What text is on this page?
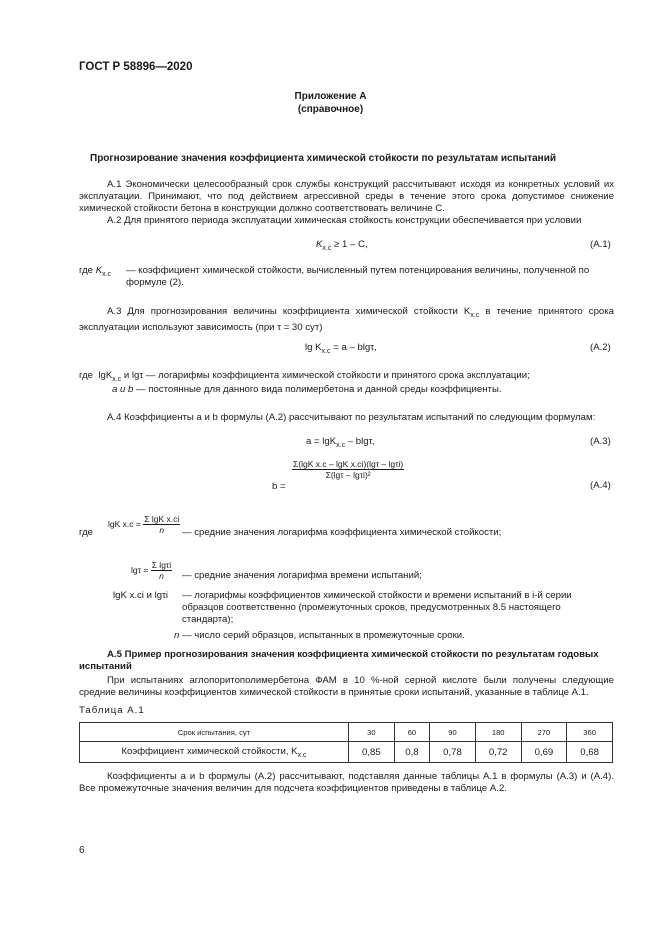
ГОСТ Р 58896—2020
Приложение А
(справочное)
Прогнозирование значения коэффициента химической стойкости по результатам испытаний
А.1 Экономически целесообразный срок службы конструкций рассчитывают исходя из конкретных условий их эксплуатации. Принимают, что под действием агрессивной среды в течение этого срока допустимое снижение химической стойкости бетона в конструкции должно соответствовать величине С.
А.2 Для принятого периода эксплуатации химическая стойкость конструкции обеспечивается при условии
$K_{х.с} \ge 1 - C$,	(А.1)
где $K_{х.с}$ — коэффициент химической стойкости, вычисленный путем потенцирования величины, полученной по формуле (2).
А.3 Для прогнозирования величины коэффициента химической стойкости $K_{х.с}$ в течение принятого срока эксплуатации используют зависимость (при τ = 30 сут)
$\lg K_{х.с} = a - blg\tau$,	(А.2)
где lgK$_{х.с}$ и lgτ — логарифмы коэффициента химической стойкости и принятого срока эксплуатации;
a и b — постоянные для данного вида полимербетона и данной среды коэффициенты.
А.4 Коэффициенты a и b формулы (А.2) рассчитывают по результатам испытаний по следующим формулам:
a = lgK$_{х.с}$ – blgτ,	(А.3)
b =
$\frac{\text{Σ(lgK х.с – lgK х.сi)(lgτ – lgτi)}}{\text{Σ(lgτ – lgτi)²}}$
(А.4)
где
lgK $х.с = \frac{\text{Σ lgK х.сi}}{n}$ — средние значения логарифма коэффициента химической стойкости;
$\lg\tau = \frac{\text{Σ lgτi}}{n}$ — средние значения логарифма времени испытаний;
lgK х.сi и lgτi — логарифмы коэффициентов химической стойкости и времени испытаний в i-й серии образцов соответственно (промежуточных сроков, предусмотренных 8.5 настоящего стандарта);
n — число серий образцов, испытанных в промежуточные сроки.
А.5 Пример прогнозирования значения коэффициента химической стойкости по результатам годовых испытаний
При испытаниях аглопоритополимербетона ФАМ в 10 %-ной серной кислоте были получены следующие средние величины коэффициентов химической стойкости в принятые сроки испытаний, указанные в таблице А.1.
Таблица А.1
Срок испытания, сут	30	60	90	180	270	360
Коэффициент химической стойкости, $K_{х.с}$	0,85	0,8	0,78	0,72	0,69	0,68
Коэффициенты a и b формулы (А.2) рассчитывают, подставляя данные таблицы А.1 в формулы (А.3) и (А.4). Все промежуточные значения величин для подсчета коэффициентов приведены в таблице А.2.
6
